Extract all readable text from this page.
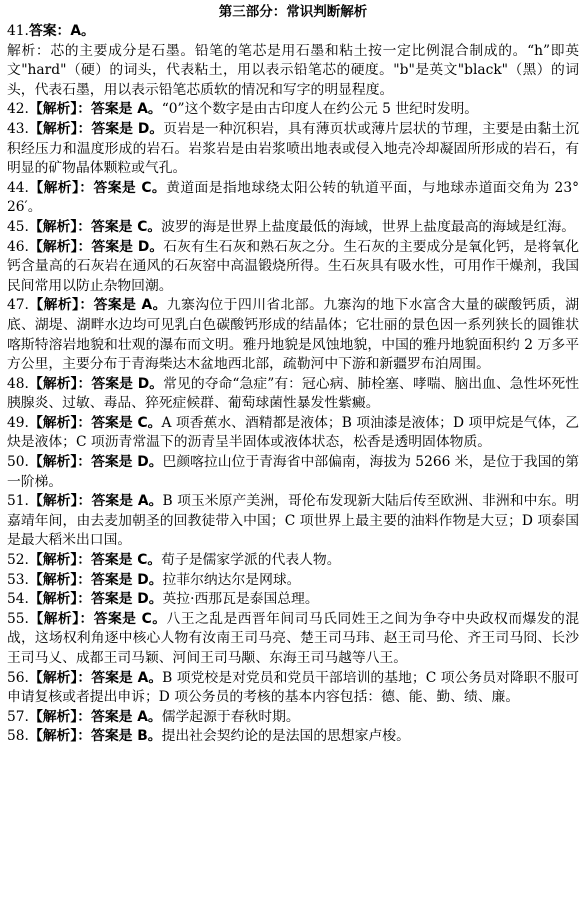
第三部分：常识判断解析
41.答案：A。
解析：芯的主要成分是石墨。铅笔的笔芯是用石墨和粘土按一定比例混合制成的。“h”即英文"hard"（硬）的词头，代表粘土，用以表示铅笔芯的硬度。"b"是英文"black"（黑）的词头，代表石墨，用以表示铅笔芯质软的情况和写字的明显程度。
42.【解析】：答案是 A。“0”这个数字是由古印度人在约公元 5 世纪时发明。
43.【解析】：答案是 D。页岩是一种沉积岩，具有薄页状或薄片层状的节理，主要是由黏土沉积经压力和温度形成的岩石。岩浆岩是由岩浆喷出地表或侵入地壳冷却凝固所形成的岩石，有明显的矿物晶体颗粒或气孔。
44.【解析】：答案是 C。黄道面是指地球绕太阳公转的轨道平面，与地球赤道面交角为 23° 26′。
45.【解析】：答案是 C。波罗的海是世界上盐度最低的海域，世界上盐度最高的海域是红海。
46.【解析】：答案是 D。石灰有生石灰和熟石灰之分。生石灰的主要成分是氧化钙，是将氧化钙含量高的石灰岩在通风的石灰窑中高温锻烧所得。生石灰具有吸水性，可用作干燥剂，我国民间常用以防止杂物回潮。
47.【解析】：答案是 A。九寨沟位于四川省北部。九寨沟的地下水富含大量的碳酸钙质，湖底、湖堤、湖畔水边均可见乳白色碳酸钙形成的结晶体；它壮丽的景色因一系列狭长的圆锥状喀斯特溶岩地貌和壮观的瀑布而文明。雅丹地貌是风蚀地貌，中国的雅丹地貌面积约 2 万多平方公里，主要分布于青海柴达木盆地西北部，疏勒河中下游和新疆罗布泊周围。
48.【解析】：答案是 D。常见的夺命“急症”有：冠心病、肺栓塞、哮喘、脑出血、急性坏死性胰腺炎、过敏、毒品、猝死症候群、葡萄球菌性暴发性紫癜。
49.【解析】：答案是 C。A 项香蕉水、酒精都是液体；B 项油漆是液体；D 项甲烷是气体，乙炔是液体；C 项沥青常温下的沥青呈半固体或液体状态，松香是透明固体物质。
50.【解析】：答案是 D。巴颜喀拉山位于青海省中部偏南，海拔为 5266 米，是位于我国的第一阶梯。
51.【解析】：答案是 A。B 项玉米原产美洲，哥伦布发现新大陆后传至欧洲、非洲和中东。明嘉靖年间，由去麦加朝圣的回教徒带入中国；C 项世界上最主要的油料作物是大豆；D 项泰国是最大稻米出口国。
52.【解析】：答案是 C。荀子是儒家学派的代表人物。
53.【解析】：答案是 D。拉菲尔纳达尔是网球。
54.【解析】：答案是 D。英拉·西那瓦是泰国总理。
55.【解析】：答案是 C。八王之乱是西晋年间司马氏同姓王之间为争夺中央政权而爆发的混战，这场权利角逐中核心人物有汝南王司马亮、楚王司马玮、赵王司马伦、齐王司马冏、长沙王司马乂、成都王司马颖、河间王司马颙、东海王司马越等八王。
56.【解析】：答案是 A。B 项党校是对党员和党员干部培训的基地；C 项公务员对降职不服可申请复核或者提出申诉；D 项公务员的考核的基本内容包括：德、能、勤、绩、廉。
57.【解析】：答案是 A。儒学起源于春秋时期。
58.【解析】：答案是 B。提出社会契约论的是法国的思想家卢梭。
